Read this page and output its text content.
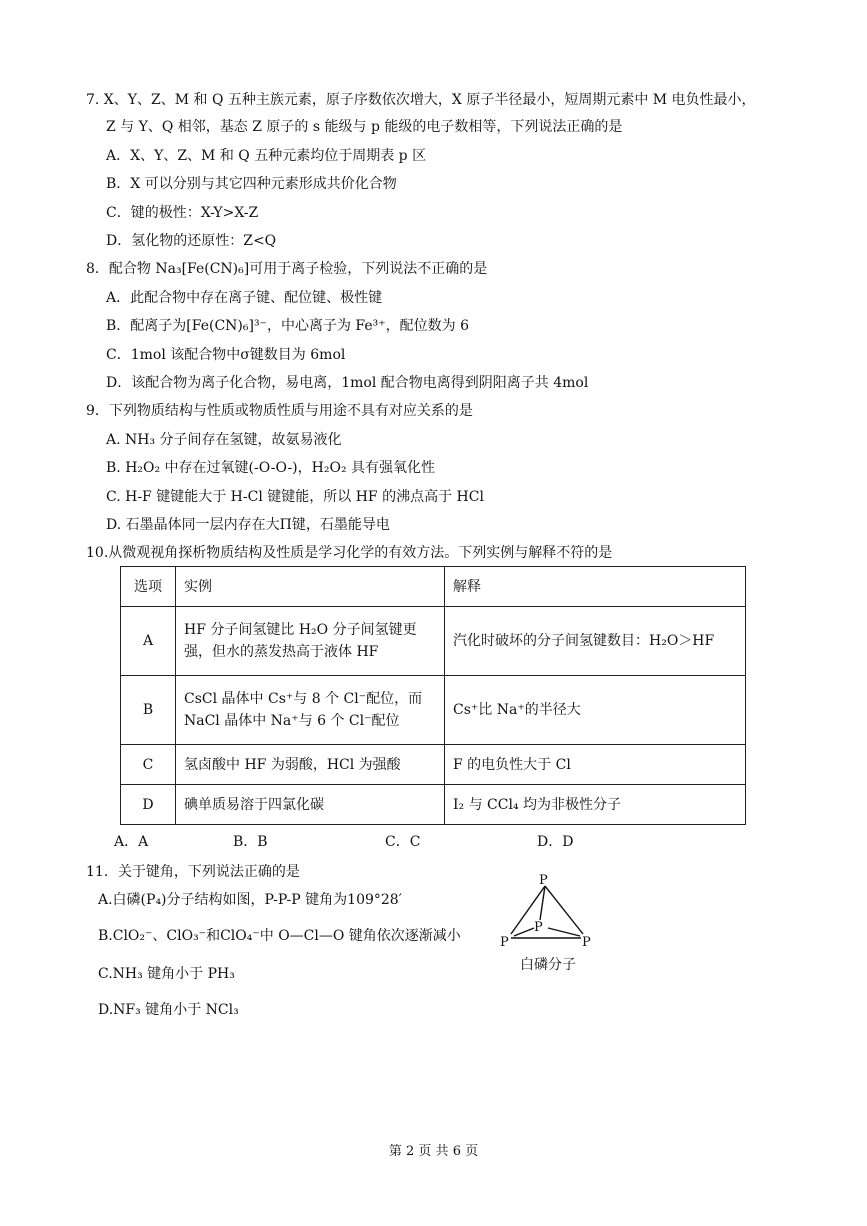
7. X、Y、Z、M 和 Q 五种主族元素，原子序数依次增大，X 原子半径最小，短周期元素中 M 电负性最小，
Z 与 Y、Q 相邻，基态 Z 原子的 s 能级与 p 能级的电子数相等，下列说法正确的是
A．X、Y、Z、M 和 Q 五种元素均位于周期表 p 区
B．X 可以分别与其它四种元素形成共价化合物
C．键的极性：X-Y>X-Z
D．氢化物的还原性：Z<Q
8．配合物 Na₃[Fe(CN)₆]可用于离子检验，下列说法不正确的是
A．此配合物中存在离子键、配位键、极性键
B．配离子为[Fe(CN)₆]³⁻，中心离子为 Fe³⁺，配位数为 6
C．1mol 该配合物中σ键数目为 6mol
D．该配合物为离子化合物，易电离，1mol 配合物电离得到阴阳离子共 4mol
9．下列物质结构与性质或物质性质与用途不具有对应关系的是
A. NH₃ 分子间存在氢键，故氨易液化
B. H₂O₂ 中存在过氧键(-O-O-)，H₂O₂ 具有强氧化性
C. H-F 键键能大于 H-Cl 键键能，所以 HF 的沸点高于 HCl
D. 石墨晶体同一层内存在大Π键，石墨能导电
10.从微观视角探析物质结构及性质是学习化学的有效方法。下列实例与解释不符的是
选项	实例	解释
A	HF 分子间氢键比 H₂O 分子间氢键更强，但水的蒸发热高于液体 HF	汽化时破坏的分子间氢键数目：H₂O＞HF
B	CsCl 晶体中 Cs⁺与 8 个 Cl⁻配位，而 NaCl 晶体中 Na⁺与 6 个 Cl⁻配位	Cs⁺比 Na⁺的半径大
C	氢卤酸中 HF 为弱酸，HCl 为强酸	F 的电负性大于 Cl
D	碘单质易溶于四氯化碳	I₂ 与 CCl₄ 均为非极性分子
A．A	B．B	C．C	D．D
11．关于键角，下列说法正确的是
A.白磷(P₄)分子结构如图，P-P-P 键角为109°28′
B.ClO₂⁻、ClO₃⁻和ClO₄⁻中 O—Cl—O 键角依次逐渐减小
C.NH₃ 键角小于 PH₃
D.NF₃ 键角小于 NCl₃
P
P
P	P
白磷分子
第 2 页 共 6 页
